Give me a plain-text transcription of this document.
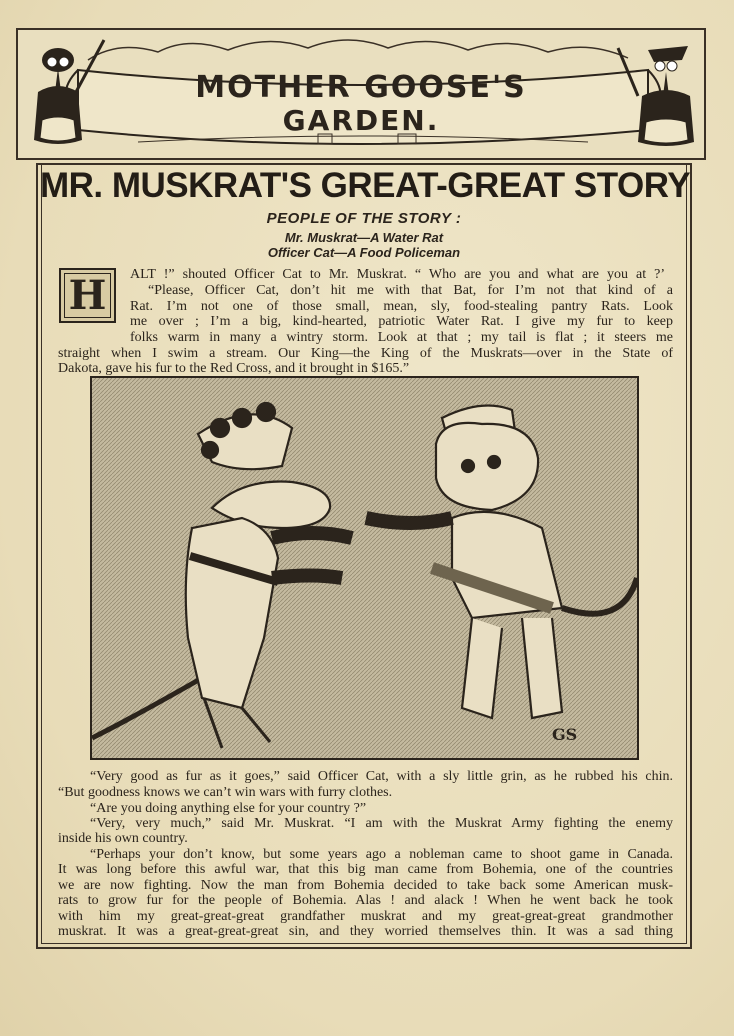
MOTHER GOOSE'S
GARDEN.
MR. MUSKRAT'S GREAT-GREAT STORY
PEOPLE OF THE STORY :
Mr. Muskrat—A Water Rat
Officer Cat—A Food Policeman
H	ALT !” shouted Officer Cat to Mr. Muskrat. “ Who are you and what are you at ?’
“Please, Officer Cat, don’t hit me with that Bat, for I’m not that kind of a
Rat. I’m not one of those small, mean, sly, food-stealing pantry Rats. Look
me over ; I’m a big, kind-hearted, patriotic Water Rat. I give my fur to keep
folks warm in many a wintry storm. Look at that ; my tail is flat ; it steers me
straight when I swim a stream. Our King—the King of the Muskrats—over in the State of
Dakota, gave his fur to the Red Cross, and it brought in $165.”
GS
“Very good as fur as it goes,” said Officer Cat, with a sly little grin, as he rubbed his chin.
“But goodness knows we can’t win wars with furry clothes.
“Are you doing anything else for your country ?”
“Very, very much,” said Mr. Muskrat. “I am with the Muskrat Army fighting the enemy
inside his own country.
“Perhaps your don’t know, but some years ago a nobleman came to shoot game in Canada.
It was long before this awful war, that this big man came from Bohemia, one of the countries
we are now fighting. Now the man from Bohemia decided to take back some American musk-
rats to grow fur for the people of Bohemia. Alas ! and alack ! When he went back he took
with him my great-great-great grandfather muskrat and my great-great-great grandmother
muskrat. It was a great-great-great sin, and they worried themselves thin. It was a sad thing
